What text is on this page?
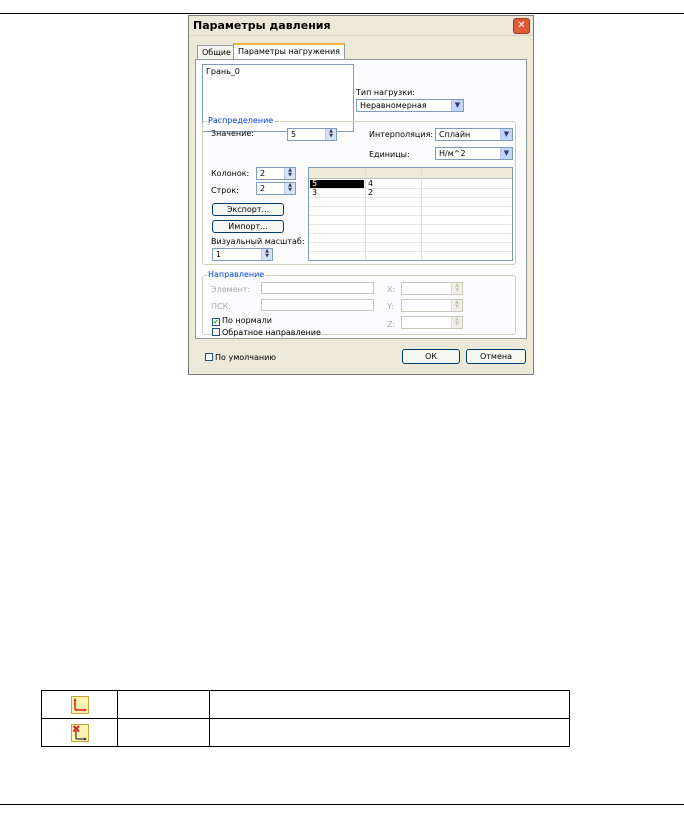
Параметры давления	✕
Общие Параметры нагружения
Грань_0
Тип нагрузки:
Неравномерная	▼
Распределение
Значение:	5	▲
▼	Интерполяция: Сплайн	▼
Единицы:	Н/м^2	▼
Колонок:	2	▲
▼
Строк:	2	▲
▼
Экспорт...
Импорт...
Визуальный масштаб:
1	▲
▼
5	4
3	2
Направление
Элемент:
ПСК:
X:	▲
▼
Y:	▲
▼
Z:
▲
▼
✔ По нормали
Обратное направление
По умолчанию	ОК	Отмена
